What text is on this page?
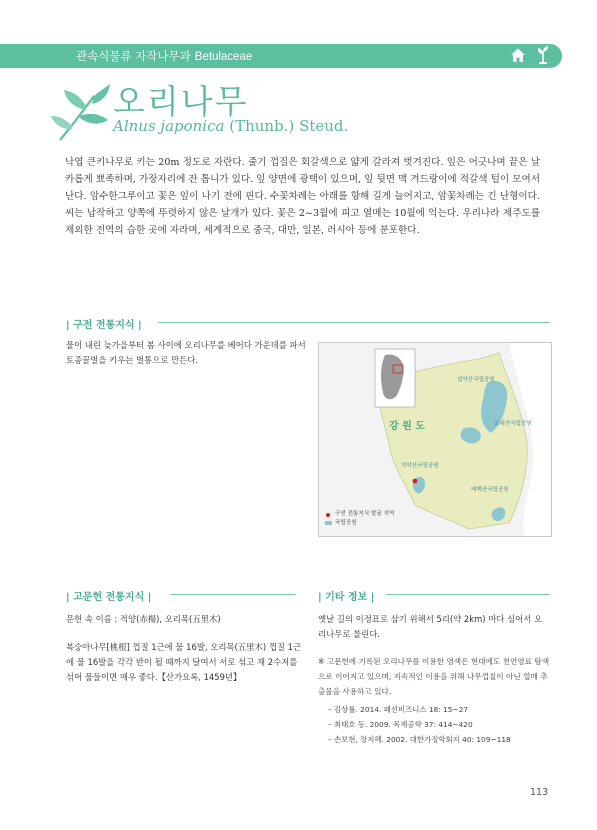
관속식물류 자작나무과 Betulaceae
오리나무
Alnus japonica (Thunb.) Steud.
낙엽 큰키나무로 키는 20m 정도로 자란다. 줄기 껍질은 회갈색으로 얇게 갈라져 벗겨진다. 잎은 어긋나며 끝은 날카롭게 뾰족하며, 가장자리에 잔 톱니가 있다. 잎 양면에 광택이 있으며, 잎 뒷면 맥 겨드랑이에 적갈색 털이 모여서 난다. 암수한그루이고 꽃은 잎이 나기 전에 핀다. 수꽃차례는 아래를 향해 길게 늘어지고, 암꽃차례는 긴 난형이다. 씨는 납작하고 양쪽에 뚜렷하지 않은 날개가 있다. 꽃은 2~3월에 피고 열매는 10월에 익는다. 우리나라 제주도를 제외한 전역의 습한 곳에 자라며, 세계적으로 중국, 대만, 일본, 러시아 등에 분포한다.
| 구전 전통지식 |
물이 내린 늦가을부터 봄 사이에 오리나무를 베어다 가운데를 파서 토종꿀벌을 키우는 벌통으로 만든다.
강 원 도
설악산국립공원
오대산국립공원
치악산국립공원
태백산국립공원
구전 전통지식 발굴 지역
국립공원
| 고문헌 전통지식 |
문헌 속 이름 : 적양(赤楊), 오리목(五里木)
복숭아나무[桃根] 껍질 1근에 물 16발, 오리목(五里木) 껍질 1근에 물 16발을 각각 반이 될 때까지 달여서 서로 섞고 재 2수저를 섞어 물들이면 매우 좋다.【산가요록, 1459년】
| 기타 정보 |
옛날 길의 이정표로 삼기 위해서 5리(약 2km) 마다 심어서 오리나무로 불린다.
※ 고문헌에 기록된 오리나무를 이용한 염색은 현대에도 천연염료 탐색으로 이어지고 있으며, 지속적인 이용을 위해 나무껍질이 아닌 열매 추출물을 사용하고 있다.
– 김상률. 2014. 패션비즈니스 18: 15~27
– 최태호 등. 2009. 목재공학 37: 414~420
– 손보현, 장지혜. 2002. 대한가정학회지 40: 109~118
113
